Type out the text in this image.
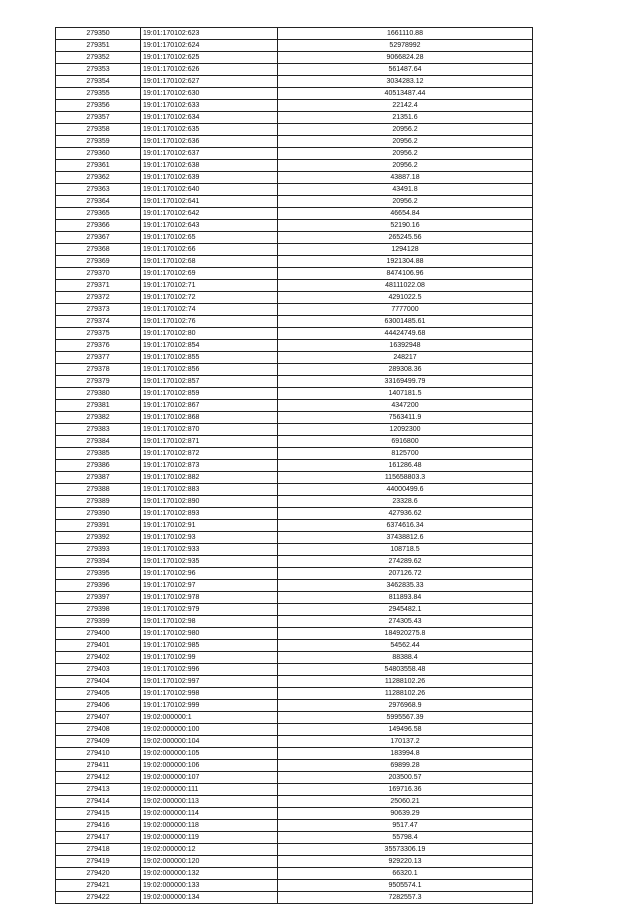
279350	19:01:170102:623	1661110.88
279351	19:01:170102:624	52978992
279352	19:01:170102:625	9066824.28
279353	19:01:170102:626	561487.64
279354	19:01:170102:627	3034283.12
279355	19:01:170102:630	40513487.44
279356	19:01:170102:633	22142.4
279357	19:01:170102:634	21351.6
279358	19:01:170102:635	20956.2
279359	19:01:170102:636	20956.2
279360	19:01:170102:637	20956.2
279361	19:01:170102:638	20956.2
279362	19:01:170102:639	43887.18
279363	19:01:170102:640	43491.8
279364	19:01:170102:641	20956.2
279365	19:01:170102:642	46654.84
279366	19:01:170102:643	52190.16
279367	19:01:170102:65	265245.56
279368	19:01:170102:66	1294128
279369	19:01:170102:68	1921304.88
279370	19:01:170102:69	8474106.96
279371	19:01:170102:71	48111022.08
279372	19:01:170102:72	4291022.5
279373	19:01:170102:74	7777000
279374	19:01:170102:76	63001485.61
279375	19:01:170102:80	44424749.68
279376	19:01:170102:854	16392948
279377	19:01:170102:855	248217
279378	19:01:170102:856	289308.36
279379	19:01:170102:857	33169499.79
279380	19:01:170102:859	1407181.5
279381	19:01:170102:867	4347200
279382	19:01:170102:868	7563411.9
279383	19:01:170102:870	12092300
279384	19:01:170102:871	6916800
279385	19:01:170102:872	8125700
279386	19:01:170102:873	161286.48
279387	19:01:170102:882	115658803.3
279388	19:01:170102:883	44000499.6
279389	19:01:170102:890	23328.6
279390	19:01:170102:893	427936.62
279391	19:01:170102:91	6374616.34
279392	19:01:170102:93	37438812.6
279393	19:01:170102:933	108718.5
279394	19:01:170102:935	274289.62
279395	19:01:170102:96	207126.72
279396	19:01:170102:97	3462835.33
279397	19:01:170102:978	811893.84
279398	19:01:170102:979	2945482.1
279399	19:01:170102:98	274305.43
279400	19:01:170102:980	184920275.8
279401	19:01:170102:985	54562.44
279402	19:01:170102:99	88388.4
279403	19:01:170102:996	54803558.48
279404	19:01:170102:997	11288102.26
279405	19:01:170102:998	11288102.26
279406	19:01:170102:999	2976968.9
279407	19:02:000000:1	5995567.39
279408	19:02:000000:100	149496.58
279409	19:02:000000:104	170137.2
279410	19:02:000000:105	183994.8
279411	19:02:000000:106	69899.28
279412	19:02:000000:107	203500.57
279413	19:02:000000:111	169716.36
279414	19:02:000000:113	25060.21
279415	19:02:000000:114	90639.29
279416	19:02:000000:118	9517.47
279417	19:02:000000:119	55798.4
279418	19:02:000000:12	35573306.19
279419	19:02:000000:120	929220.13
279420	19:02:000000:132	66320.1
279421	19:02:000000:133	9505574.1
279422	19:02:000000:134	7282557.3
